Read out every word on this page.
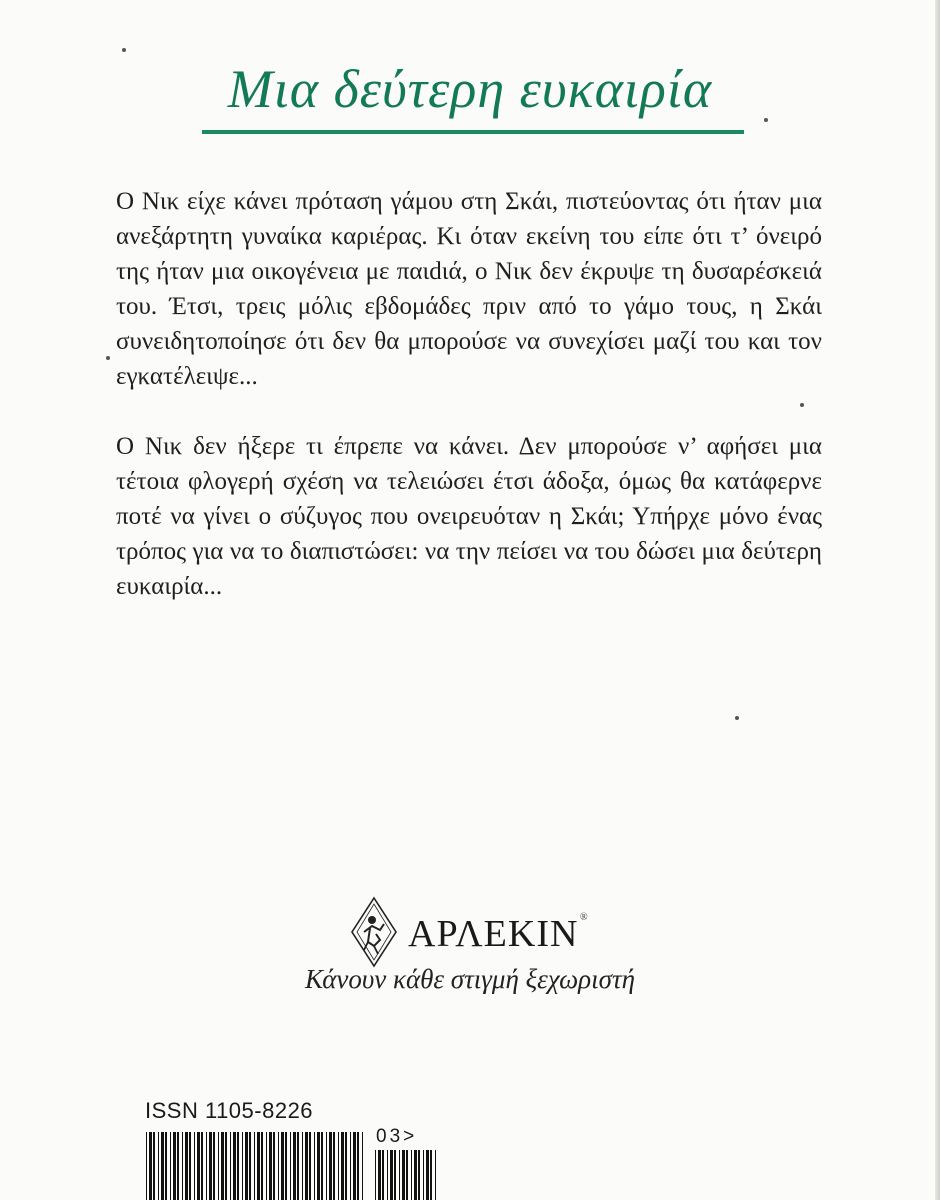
Μια δεύτερη ευκαιρία

Ο Νικ είχε κάνει πρόταση γάμου στη Σκάι, πιστεύοντας ότι ήταν μια ανεξάρτητη γυναίκα καριέρας. Κι όταν εκείνη του είπε ότι τ’ όνειρό της ήταν μια οικογένεια με παιdιά, ο Νικ δεν έκρυψε τη δυσαρέσκειά του. Έτσι, τρεις μόλις εβδομάδες πριν από το γάμο τους, η Σκάι συνειδητοποίησε ότι δεν θα μπορούσε να συνεχίσει μαζί του και τον εγκατέλειψε...

Ο Νικ δεν ήξερε τι έπρεπε να κάνει. Δεν μπορούσε ν’ αφήσει μια τέτοια φλογερή σχέση να τελειώσει έτσι άδοξα, όμως θα κατάφερνε ποτέ να γίνει ο σύζυγος που ονειρευόταν η Σκάι; Υπήρχε μόνο ένας τρόπος για να το διαπιστώσει: να την πείσει να του δώσει μια δεύτερη ευκαιρία...

ΑΡΛΕΚΙΝ ®
Κάνουν κάθε στιγμή ξεχωριστή
ISSN 1105-8226
03>
